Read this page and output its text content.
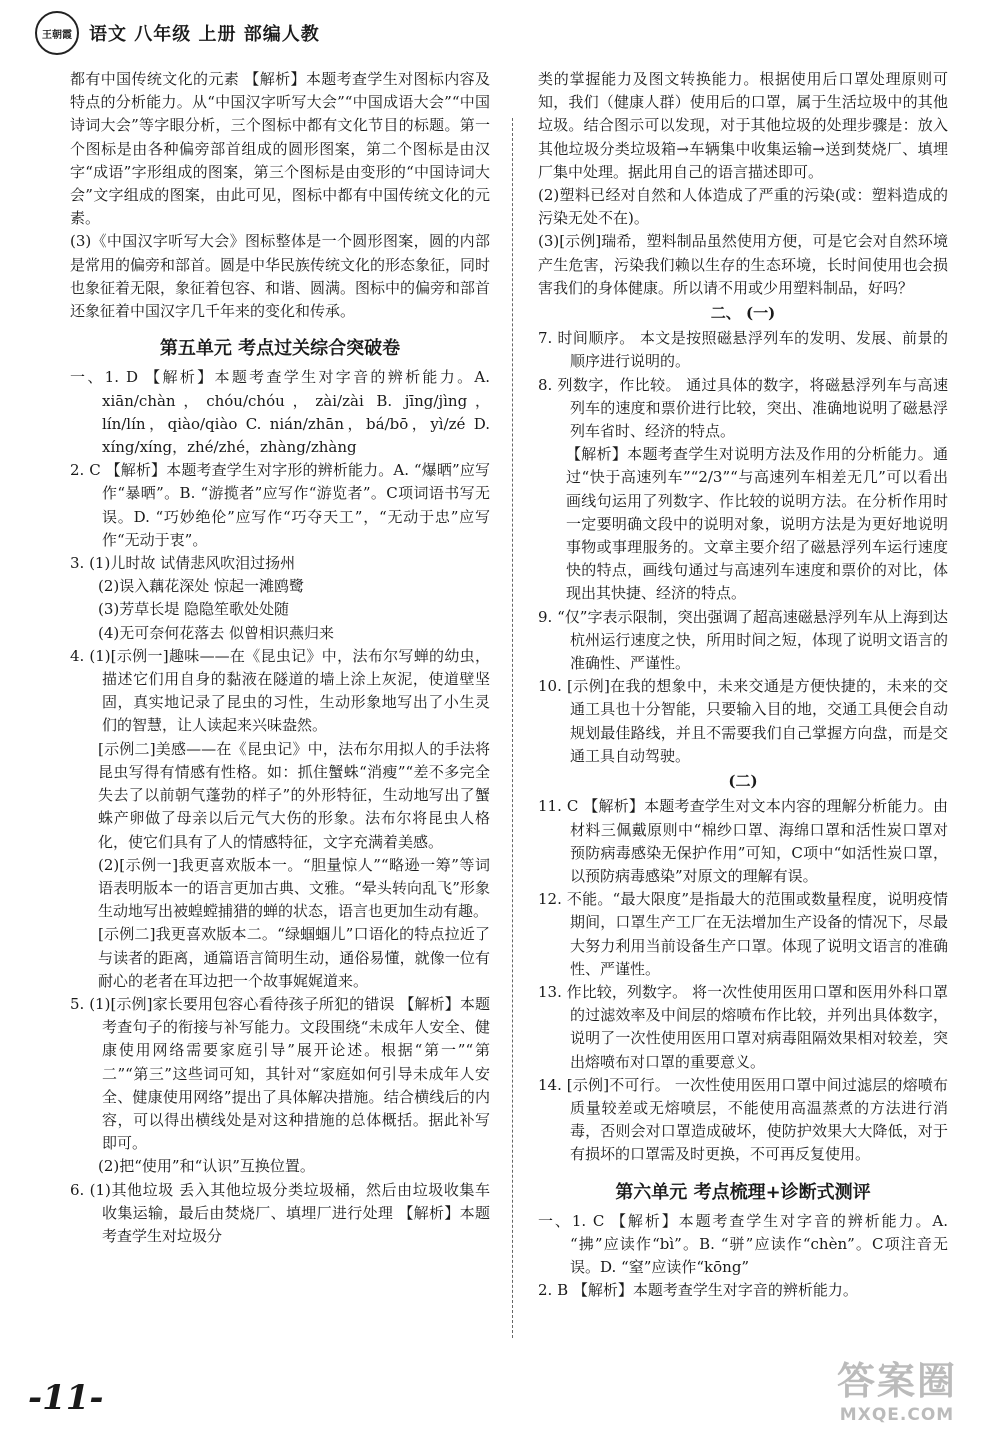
王朝霞 语文 八年级 上册 部编人教

都有中国传统文化的元素 【解析】本题考查学生对图标内容及特点的分析能力。从“中国汉字听写大会”“中国成语大会”“中国诗词大会”等字眼分析，三个图标中都有文化节目的标题。第一个图标是由各种偏旁部首组成的圆形图案，第二个图标是由汉字“成语”字形组成的图案，第三个图标是由变形的“中国诗词大会”文字组成的图案，由此可见，图标中都有中国传统文化的元素。

(3)《中国汉字听写大会》图标整体是一个圆形图案，圆的内部是常用的偏旁和部首。圆是中华民族传统文化的形态象征，同时也象征着无限，象征着包容、和谐、圆满。图标中的偏旁和部首还象征着中国汉字几千年来的变化和传承。

第五单元 考点过关综合突破卷

一、1. D 【解析】本题考查学生对字音的辨析能力。A. xiān/chàn，chóu/chóu，zài/zài B. jīng/jìng，lín/lín，qiào/qiào C. nián/zhān，bá/bō，yì/zé D. xíng/xíng，zhé/zhé，zhàng/zhàng

2. C 【解析】本题考查学生对字形的辨析能力。A. “爆晒”应写作“暴晒”。B. “游揽者”应写作“游览者”。C项词语书写无误。D. “巧妙绝伦”应写作“巧夺天工”，“无动于忠”应写作“无动于衷”。

3. (1)儿时故 试倩悲风吹泪过扬州

(2)误入藕花深处 惊起一滩鸥鹭

(3)芳草长堤 隐隐笙歌处处随

(4)无可奈何花落去 似曾相识燕归来

4. (1)[示例一]趣味——在《昆虫记》中，法布尔写蝉的幼虫，描述它们用自身的黏液在隧道的墙上涂上灰泥，使道壁坚固，真实地记录了昆虫的习性，生动形象地写出了小生灵们的智慧，让人读起来兴味盎然。

[示例二]美感——在《昆虫记》中，法布尔用拟人的手法将昆虫写得有情感有性格。如：抓住蟹蛛“消瘦”“差不多完全失去了以前朝气蓬勃的样子”的外形特征，生动地写出了蟹蛛产卵做了母亲以后元气大伤的形象。法布尔将昆虫人格化，使它们具有了人的情感特征，文字充满着美感。

(2)[示例一]我更喜欢版本一。“胆量惊人”“略逊一筹”等词语表明版本一的语言更加古典、文雅。“晕头转向乱飞”形象生动地写出被蝗螳捕猎的蝉的状态，语言也更加生动有趣。

[示例二]我更喜欢版本二。“绿蝈蝈儿”口语化的特点拉近了与读者的距离，通篇语言简明生动，通俗易懂，就像一位有耐心的老者在耳边把一个故事娓娓道来。

5. (1)[示例]家长要用包容心看待孩子所犯的错误 【解析】本题考查句子的衔接与补写能力。文段围绕“未成年人安全、健康使用网络需要家庭引导”展开论述。根据“第一”“第二”“第三”这些词可知，其针对“家庭如何引导未成年人安全、健康使用网络”提出了具体解决措施。结合横线后的内容，可以得出横线处是对这种措施的总体概括。据此补写即可。

(2)把“使用”和“认识”互换位置。

6. (1)其他垃圾 丢入其他垃圾分类垃圾桶，然后由垃圾收集车收集运输，最后由焚烧厂、填埋厂进行处理 【解析】本题考查学生对垃圾分

类的掌握能力及图文转换能力。根据使用后口罩处理原则可知，我们（健康人群）使用后的口罩，属于生活垃圾中的其他垃圾。结合图示可以发现，对于其他垃圾的处理步骤是：放入其他垃圾分类垃圾箱→车辆集中收集运输→送到焚烧厂、填埋厂集中处理。据此用自己的语言描述即可。

(2)塑料已经对自然和人体造成了严重的污染(或：塑料造成的污染无处不在)。

(3)[示例]瑞希，塑料制品虽然使用方便，可是它会对自然环境产生危害，污染我们赖以生存的生态环境，长时间使用也会损害我们的身体健康。所以请不用或少用塑料制品，好吗？

二、 (一)

7. 时间顺序。 本文是按照磁悬浮列车的发明、发展、前景的顺序进行说明的。

8. 列数字，作比较。 通过具体的数字，将磁悬浮列车与高速列车的速度和票价进行比较，突出、准确地说明了磁悬浮列车省时、经济的特点。

【解析】本题考查学生对说明方法及作用的分析能力。通过“快于高速列车”“2/3”“与高速列车相差无几”可以看出画线句运用了列数字、作比较的说明方法。在分析作用时一定要明确文段中的说明对象，说明方法是为更好地说明事物或事理服务的。文章主要介绍了磁悬浮列车运行速度快的特点，画线句通过与高速列车速度和票价的对比，体现出其快捷、经济的特点。

9. “仅”字表示限制，突出强调了超高速磁悬浮列车从上海到达杭州运行速度之快，所用时间之短，体现了说明文语言的准确性、严谨性。

10. [示例]在我的想象中，未来交通是方便快捷的，未来的交通工具也十分智能，只要输入目的地，交通工具便会自动规划最佳路线，并且不需要我们自己掌握方向盘，而是交通工具自动驾驶。

(二)

11. C 【解析】本题考查学生对文本内容的理解分析能力。由材料三佩戴原则中“棉纱口罩、海绵口罩和活性炭口罩对预防病毒感染无保护作用”可知，C项中“如活性炭口罩，以预防病毒感染”对原文的理解有误。

12. 不能。“最大限度”是指最大的范围或数量程度，说明疫情期间，口罩生产工厂在无法增加生产设备的情况下，尽最大努力利用当前设备生产口罩。体现了说明文语言的准确性、严谨性。

13. 作比较，列数字。 将一次性使用医用口罩和医用外科口罩的过滤效率及中间层的熔喷布作比较，并列出具体数字，说明了一次性使用医用口罩对病毒阻隔效果相对较差，突出熔喷布对口罩的重要意义。

14. [示例]不可行。 一次性使用医用口罩中间过滤层的熔喷布质量较差或无熔喷层，不能使用高温蒸煮的方法进行消毒，否则会对口罩造成破坏，使防护效果大大降低，对于有损坏的口罩需及时更换，不可再反复使用。

第六单元 考点梳理+诊断式测评

一、1. C 【解析】本题考查学生对字音的辨析能力。A. “拂”应读作“bì”。B. “骈”应读作“chèn”。C项注音无误。D. “窒”应读作“kōng”

2. B 【解析】本题考查学生对字音的辨析能力。

-11-	答案圈
MXQE.COM
